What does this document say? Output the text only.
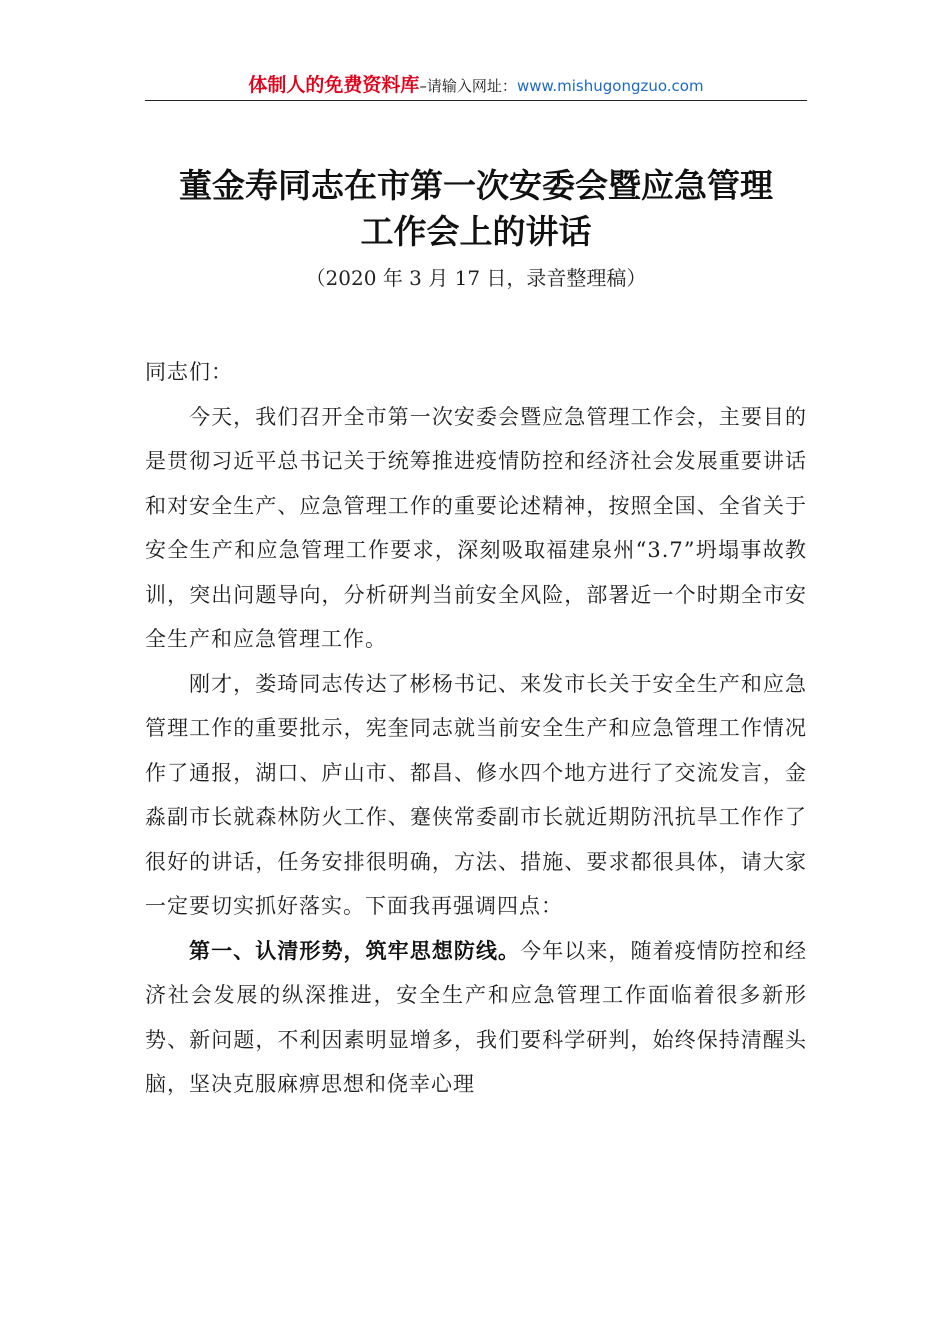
体制人的免费资料库–请输入网址：www.mishugongzuo.com
董金寿同志在市第一次安委会暨应急管理
工作会上的讲话
（2020 年 3 月 17 日，录音整理稿）

同志们：

今天，我们召开全市第一次安委会暨应急管理工作会，主要目的是贯彻习近平总书记关于统筹推进疫情防控和经济社会发展重要讲话和对安全生产、应急管理工作的重要论述精神，按照全国、全省关于安全生产和应急管理工作要求，深刻吸取福建泉州“3.7”坍塌事故教训，突出问题导向，分析研判当前安全风险，部署近一个时期全市安全生产和应急管理工作。

刚才，娄琦同志传达了彬杨书记、来发市长关于安全生产和应急管理工作的重要批示，宪奎同志就当前安全生产和应急管理工作情况作了通报，湖口、庐山市、都昌、修水四个地方进行了交流发言，金淼副市长就森林防火工作、蹇侠常委副市长就近期防汛抗旱工作作了很好的讲话，任务安排很明确，方法、措施、要求都很具体，请大家一定要切实抓好落实。下面我再强调四点：

第一、认清形势，筑牢思想防线。今年以来，随着疫情防控和经济社会发展的纵深推进，安全生产和应急管理工作面临着很多新形势、新问题，不利因素明显增多，我们要科学研判，始终保持清醒头脑，坚决克服麻痹思想和侥幸心理
